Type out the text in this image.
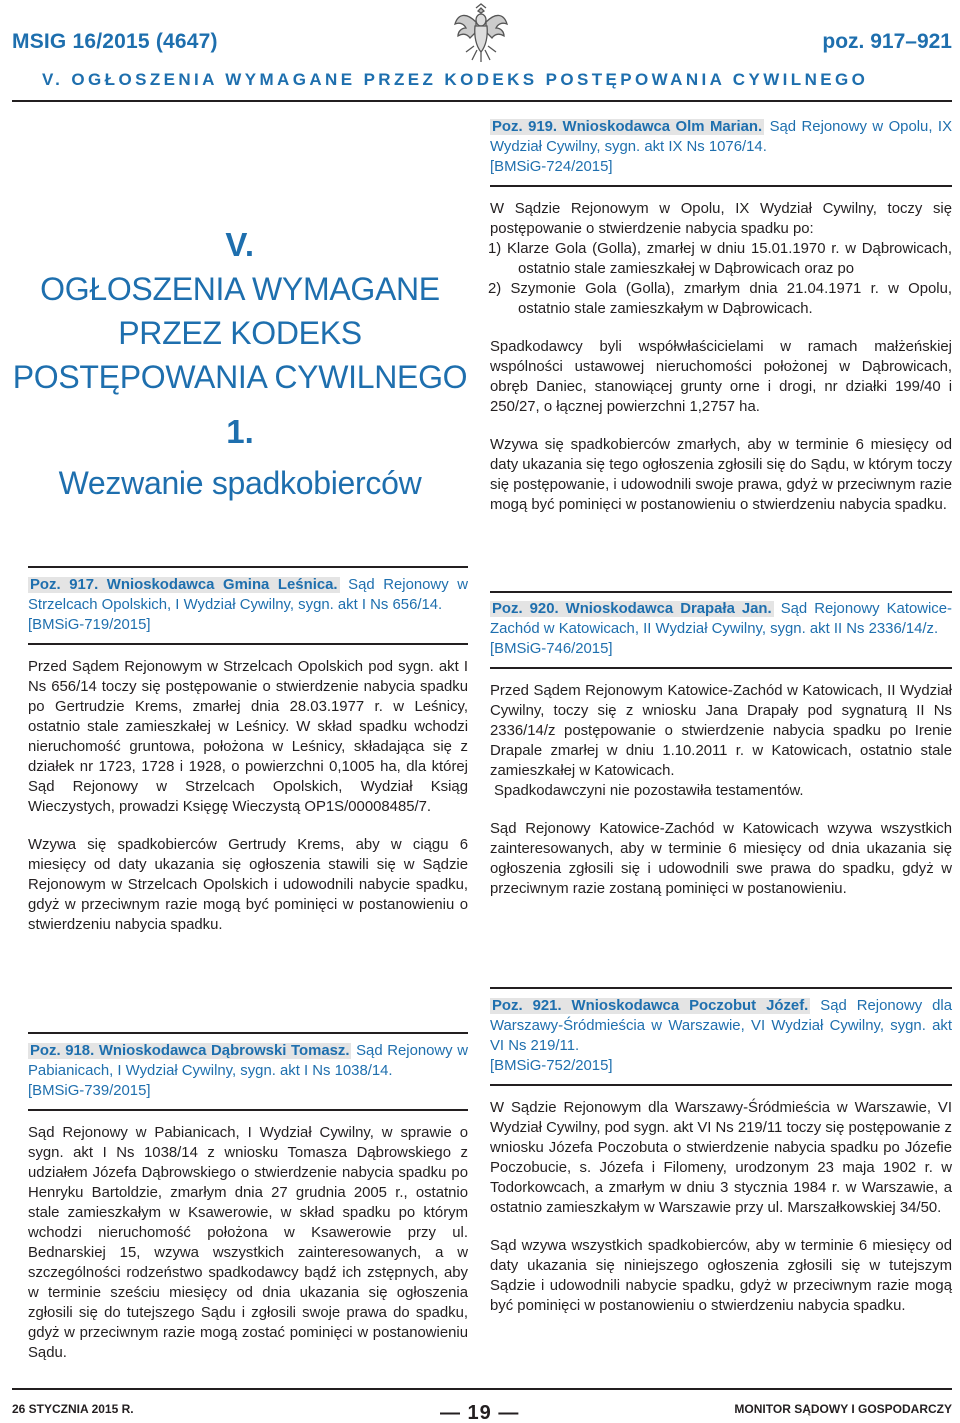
MSIG 16/2015 (4647)	poz. 917–921
V. OGŁOSZENIA WYMAGANE PRZEZ KODEKS POSTĘPOWANIA CYWILNEGO
V.
OGŁOSZENIA WYMAGANE
PRZEZ KODEKS
POSTĘPOWANIA CYWILNEGO
1.
Wezwanie spadkobierców

Poz. 917. Wnioskodawca Gmina Leśnica. Sąd Rejonowy w Strzelcach Opolskich, I Wydział Cywilny, sygn. akt I Ns 656/14.

[BMSiG-719/2015]

Przed Sądem Rejonowym w Strzelcach Opolskich pod sygn. akt I Ns 656/14 toczy się postępowanie o stwierdzenie nabycia spadku po Gertrudzie Krems, zmarłej dnia 28.03.1977 r. w Leśnicy, ostatnio stale zamieszkałej w Leśnicy. W skład spadku wchodzi nieruchomość gruntowa, położona w Leśnicy, składająca się z działek nr 1723, 1728 i 1928, o powierzchni 0,1005 ha, dla której Sąd Rejonowy w Strzelcach Opolskich, Wydział Ksiąg Wieczystych, prowadzi Księgę Wieczystą OP1S/00008485/7.

Wzywa się spadkobierców Gertrudy Krems, aby w ciągu 6 miesięcy od daty ukazania się ogłoszenia stawili się w Sądzie Rejonowym w Strzelcach Opolskich i udowodnili nabycie spadku, gdyż w przeciwnym razie mogą być pominięci w postanowieniu o stwierdzeniu nabycia spadku.

Poz. 918. Wnioskodawca Dąbrowski Tomasz. Sąd Rejonowy w Pabianicach, I Wydział Cywilny, sygn. akt I Ns 1038/14.

[BMSiG-739/2015]

Sąd Rejonowy w Pabianicach, I Wydział Cywilny, w sprawie o sygn. akt I Ns 1038/14 z wniosku Tomasza Dąbrowskiego z udziałem Józefa Dąbrowskiego o stwierdzenie nabycia spadku po Henryku Bartoldzie, zmarłym dnia 27 grudnia 2005 r., ostatnio stale zamieszkałym w Ksawerowie, w skład spadku po którym wchodzi nieruchomość położona w Ksawerowie przy ul. Bednarskiej 15, wzywa wszystkich zainteresowanych, a w szczególności rodzeństwo spadkodawcy bądź ich zstępnych, aby w terminie sześciu miesięcy od dnia ukazania się ogłoszenia zgłosili się do tutejszego Sądu i zgłosili swoje prawa do spadku, gdyż w przeciwnym razie mogą zostać pominięci w postanowieniu Sądu.

Poz. 919. Wnioskodawca Olm Marian. Sąd Rejonowy w Opolu, IX Wydział Cywilny, sygn. akt IX Ns 1076/14.

[BMSiG-724/2015]

W Sądzie Rejonowym w Opolu, IX Wydział Cywilny, toczy się postępowanie o stwierdzenie nabycia spadku po:

1) Klarze Gola (Golla), zmarłej w dniu 15.01.1970 r. w Dąbrowicach, ostatnio stale zamieszkałej w Dąbrowicach oraz po

2) Szymonie Gola (Golla), zmarłym dnia 21.04.1971 r. w Opolu, ostatnio stale zamieszkałym w Dąbrowicach.

Spadkodawcy byli współwłaścicielami w ramach małżeńskiej wspólności ustawowej nieruchomości położonej w Dąbrowicach, obręb Daniec, stanowiącej grunty orne i drogi, nr działki 199/40 i 250/27, o łącznej powierzchni 1,2757 ha.

Wzywa się spadkobierców zmarłych, aby w terminie 6 miesięcy od daty ukazania się tego ogłoszenia zgłosili się do Sądu, w którym toczy się postępowanie, i udowodnili swoje prawa, gdyż w przeciwnym razie mogą być pominięci w postanowieniu o stwierdzeniu nabycia spadku.

Poz. 920. Wnioskodawca Drapała Jan. Sąd Rejonowy Katowice-Zachód w Katowicach, II Wydział Cywilny, sygn. akt II Ns 2336/14/z.

[BMSiG-746/2015]

Przed Sądem Rejonowym Katowice-Zachód w Katowicach, II Wydział Cywilny, toczy się z wniosku Jana Drapały pod sygnaturą II Ns 2336/14/z postępowanie o stwierdzenie nabycia spadku po Irenie Drapale zmarłej w dniu 1.10.2011 r. w Katowicach, ostatnio stale zamieszkałej w Katowicach.

Spadkodawczyni nie pozostawiła testamentów.

Sąd Rejonowy Katowice-Zachód w Katowicach wzywa wszystkich zainteresowanych, aby w terminie 6 miesięcy od dnia ukazania się ogłoszenia zgłosili się i udowodnili swe prawa do spadku, gdyż w przeciwnym razie zostaną pominięci w postanowieniu.

Poz. 921. Wnioskodawca Poczobut Józef. Sąd Rejonowy dla Warszawy-Śródmieścia w Warszawie, VI Wydział Cywilny, sygn. akt VI Ns 219/11.

[BMSiG-752/2015]

W Sądzie Rejonowym dla Warszawy-Śródmieścia w Warszawie, VI Wydział Cywilny, pod sygn. akt VI Ns 219/11 toczy się postępowanie z wniosku Józefa Poczobuta o stwierdzenie nabycia spadku po Józefie Poczobucie, s. Józefa i Filomeny, urodzonym 23 maja 1902 r. w Todorkowcach, a zmarłym w dniu 3 stycznia 1984 r. w Warszawie, a ostatnio zamieszkałym w Warszawie przy ul. Marszałkowskiej 34/50.

Sąd wzywa wszystkich spadkobierców, aby w terminie 6 miesięcy od daty ukazania się niniejszego ogłoszenia zgłosili się w tutejszym Sądzie i udowodnili nabycie spadku, gdyż w przeciwnym razie mogą być pominięci w postanowieniu o stwierdzeniu nabycia spadku.

26 STYCZNIA 2015 R.	— 19 —	MONITOR SĄDOWY I GOSPODARCZY
